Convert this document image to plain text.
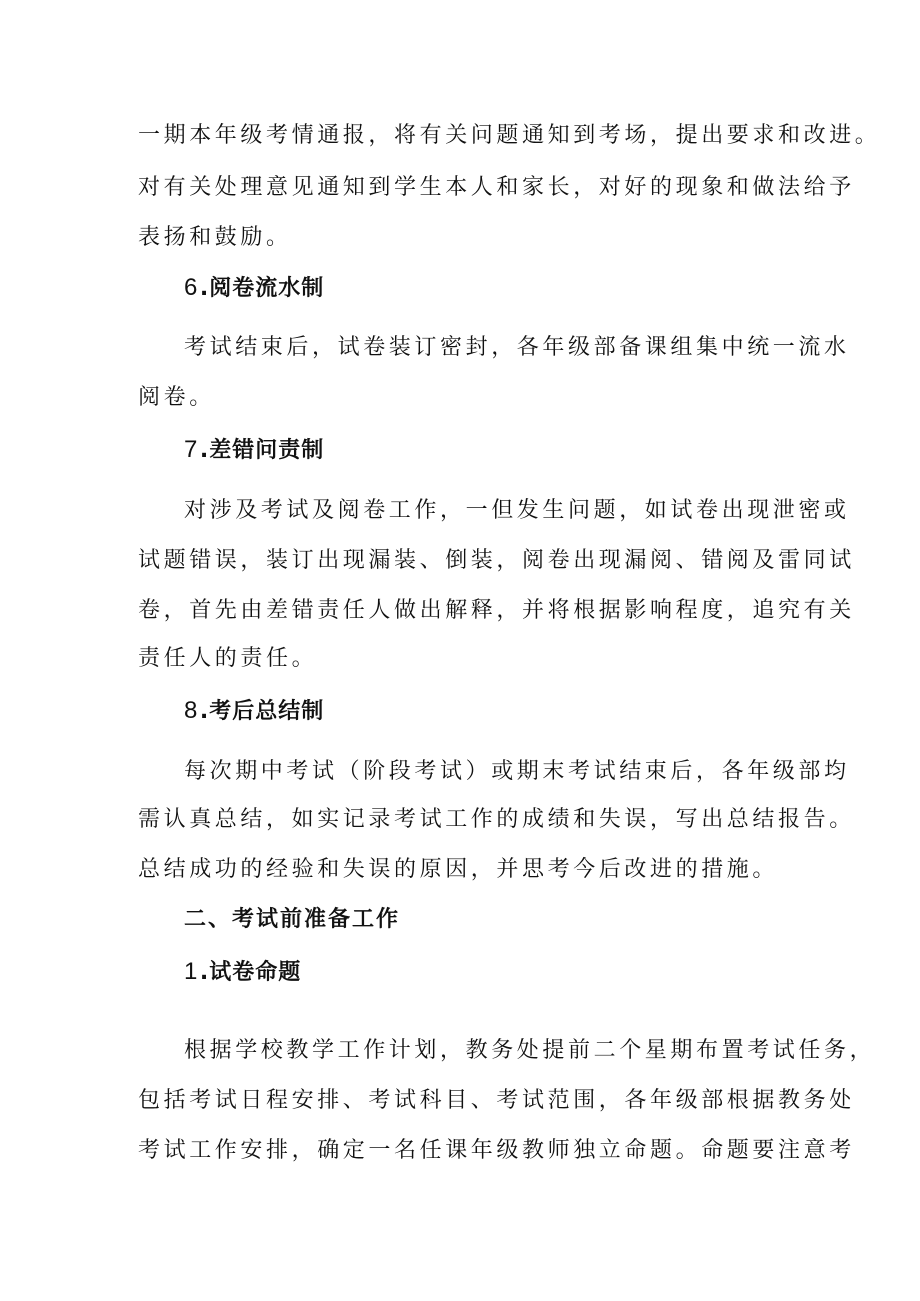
一期本年级考情通报，将有关问题通知到考场，提出要求和改进。
对有关处理意见通知到学生本人和家长，对好的现象和做法给予
表扬和鼓励。
6.阅卷流水制
考试结束后，试卷装订密封，各年级部备课组集中统一流水
阅卷。
7.差错问责制
对涉及考试及阅卷工作，一但发生问题，如试卷出现泄密或
试题错误，装订出现漏装、倒装，阅卷出现漏阅、错阅及雷同试
卷，首先由差错责任人做出解释，并将根据影响程度，追究有关
责任人的责任。
8.考后总结制
每次期中考试（阶段考试）或期末考试结束后，各年级部均
需认真总结，如实记录考试工作的成绩和失误，写出总结报告。
总结成功的经验和失误的原因，并思考今后改进的措施。
二、考试前准备工作
1.试卷命题
根据学校教学工作计划，教务处提前二个星期布置考试任务，
包括考试日程安排、考试科目、考试范围，各年级部根据教务处
考试工作安排，确定一名任课年级教师独立命题。命题要注意考
